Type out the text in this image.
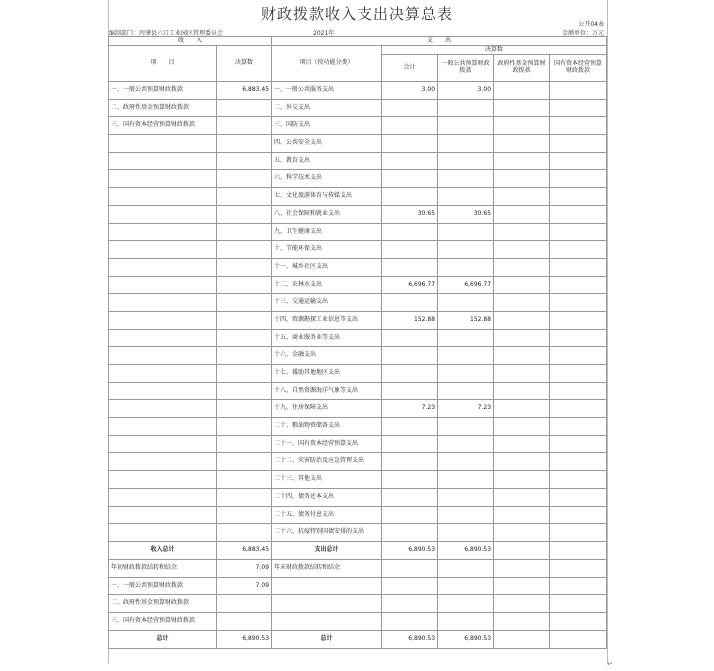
财政拨款收入支出决算总表
公开04表
编制部门：丙肇县六口工业园区管理委员会	2021年	金额单位：万元
收　　入		支　　出				
项　　目	决算数	项目（按功能分类）	决算数			
			合计	一般公共预算财政拨款	政府性基金预算财政拨款	国有资本经营预算财政拨款
一、一般公共预算财政拨款	6,883.45	一、一般公共服务支出	3.00	3.00		
二、政府性基金预算财政拨款		二、外交支出				
三、国有资本经营预算财政拨款		三、国防支出				
		四、公共安全支出				
		五、教育支出				
		六、科学技术支出				
		七、文化旅游体育与传媒支出				
		八、社会保障和就业支出	30.65	30.65		
		九、卫生健康支出				
		十、节能环保支出				
		十一、城乡社区支出				
		十二、农林水支出	6,696.77	6,696.77		
		十三、交通运输支出				
		十四、资源勘探工业信息等支出	152.88	152.88		
		十五、商业服务业等支出				
		十六、金融支出				
		十七、援助其他地区支出				
		十八、自然资源海洋气象等支出				
		十九、住房保障支出	7.23	7.23		
		二十、粮油物资储备支出				
		二十一、国有资本经营预算支出				
		二十二、灾害防治及应急管理支出				
		二十三、其他支出				
		二十四、债务还本支出				
		二十五、债务付息支出				
		二十六、抗疫特别国债安排的支出				
收入总计	6,883.45	支出总计	6,890.53	6,890.53		
年初财政拨款结转和结余	7.09	年末财政拨款结转和结余				
一、一般公共预算财政拨款	7.09					
二、政府性基金预算财政拨款						
三、国有资本经营预算财政拨款						
总计	6,890.53	总计	6,890.53	6,890.53		
↵
